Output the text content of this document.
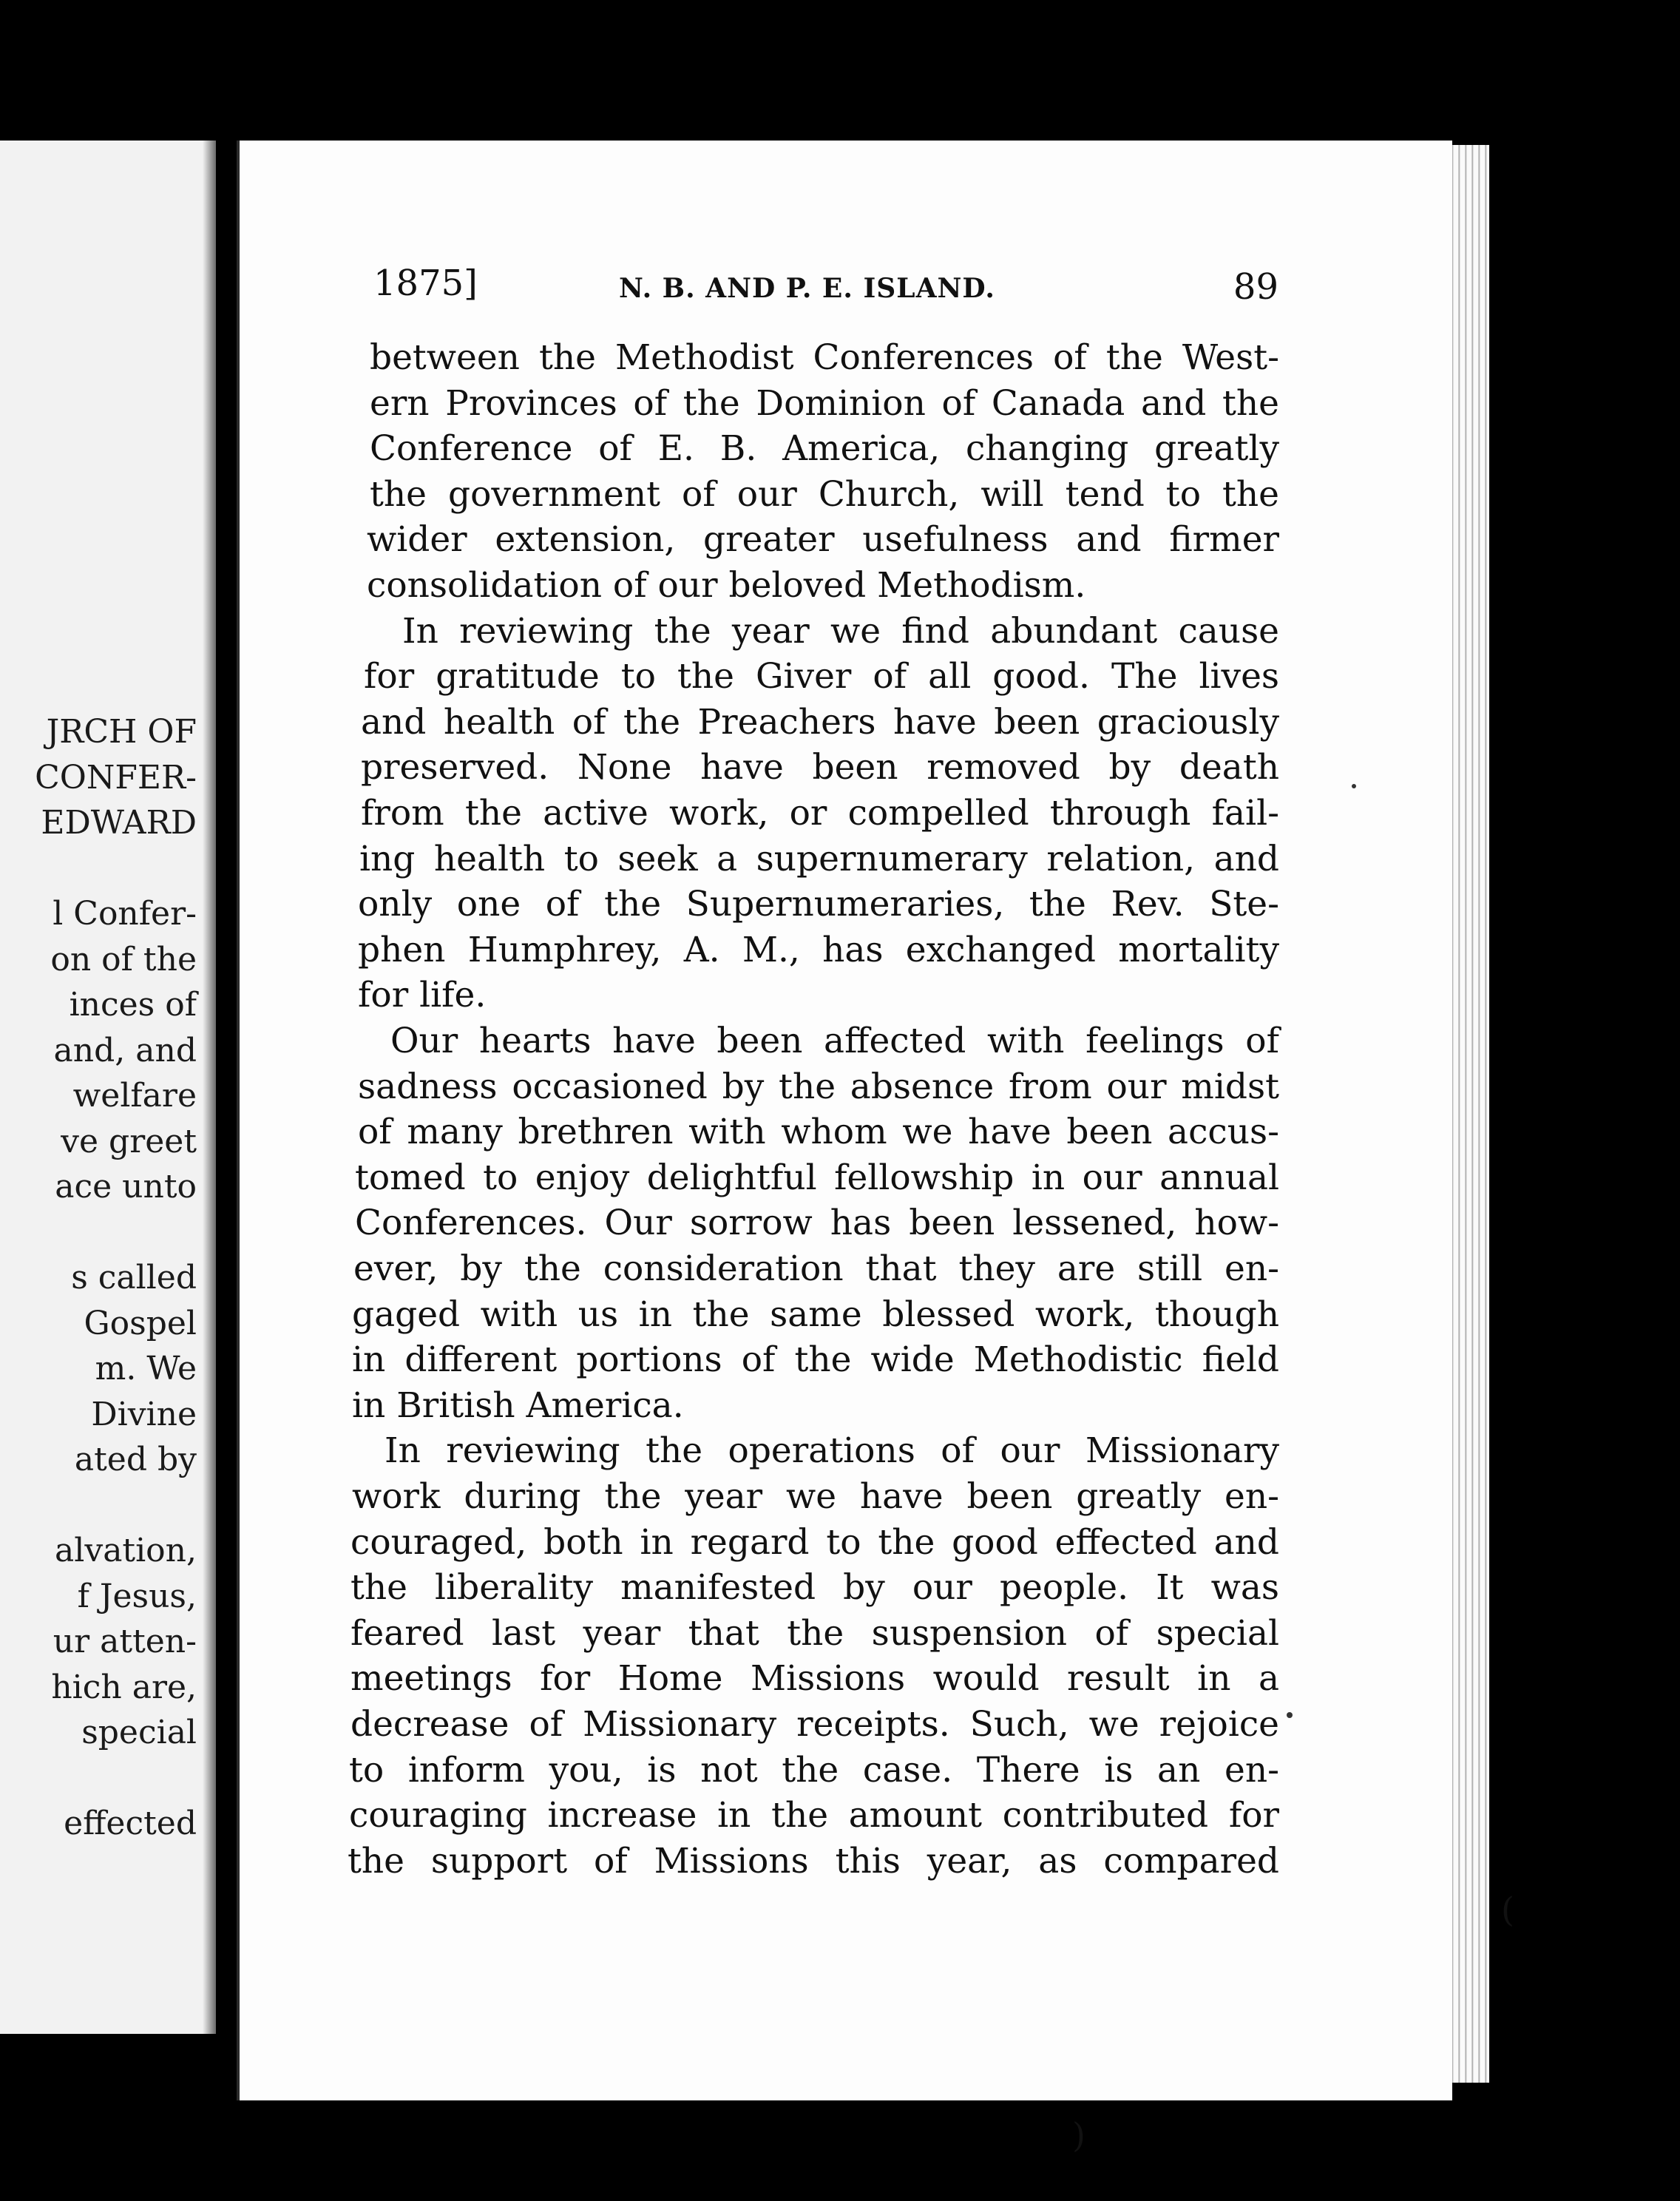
JRCH OF
CONFER-
EDWARD
l Confer-
on of the
inces of
and, and
welfare
ve greet
ace unto
s called
Gospel
m. We
Divine
ated by
alvation,
f Jesus,
ur atten-
hich are,
special
effected
1875]	N. B. AND P. E. ISLAND.	89
between the Methodist Conferences of the West-
ern Provinces of the Dominion of Canada and the
Conference of E. B. America, changing greatly
the government of our Church, will tend to the
wider extension, greater usefulness and firmer
consolidation of our beloved Methodism.
In reviewing the year we find abundant cause
for gratitude to the Giver of all good. The lives
and health of the Preachers have been graciously
preserved. None have been removed by death
from the active work, or compelled through fail-
ing health to seek a supernumerary relation, and
only one of the Supernumeraries, the Rev. Ste-
phen Humphrey, A. M., has exchanged mortality
for life.
Our hearts have been affected with feelings of
sadness occasioned by the absence from our midst
of many brethren with whom we have been accus-
tomed to enjoy delightful fellowship in our annual
Conferences. Our sorrow has been lessened, how-
ever, by the consideration that they are still en-
gaged with us in the same blessed work, though
in different portions of the wide Methodistic field
in British America.
In reviewing the operations of our Missionary
work during the year we have been greatly en-
couraged, both in regard to the good effected and
the liberality manifested by our people. It was
feared last year that the suspension of special
meetings for Home Missions would result in a
decrease of Missionary receipts. Such, we rejoice
to inform you, is not the case. There is an en-
couraging increase in the amount contributed for
the support of Missions this year, as compared
(
)
